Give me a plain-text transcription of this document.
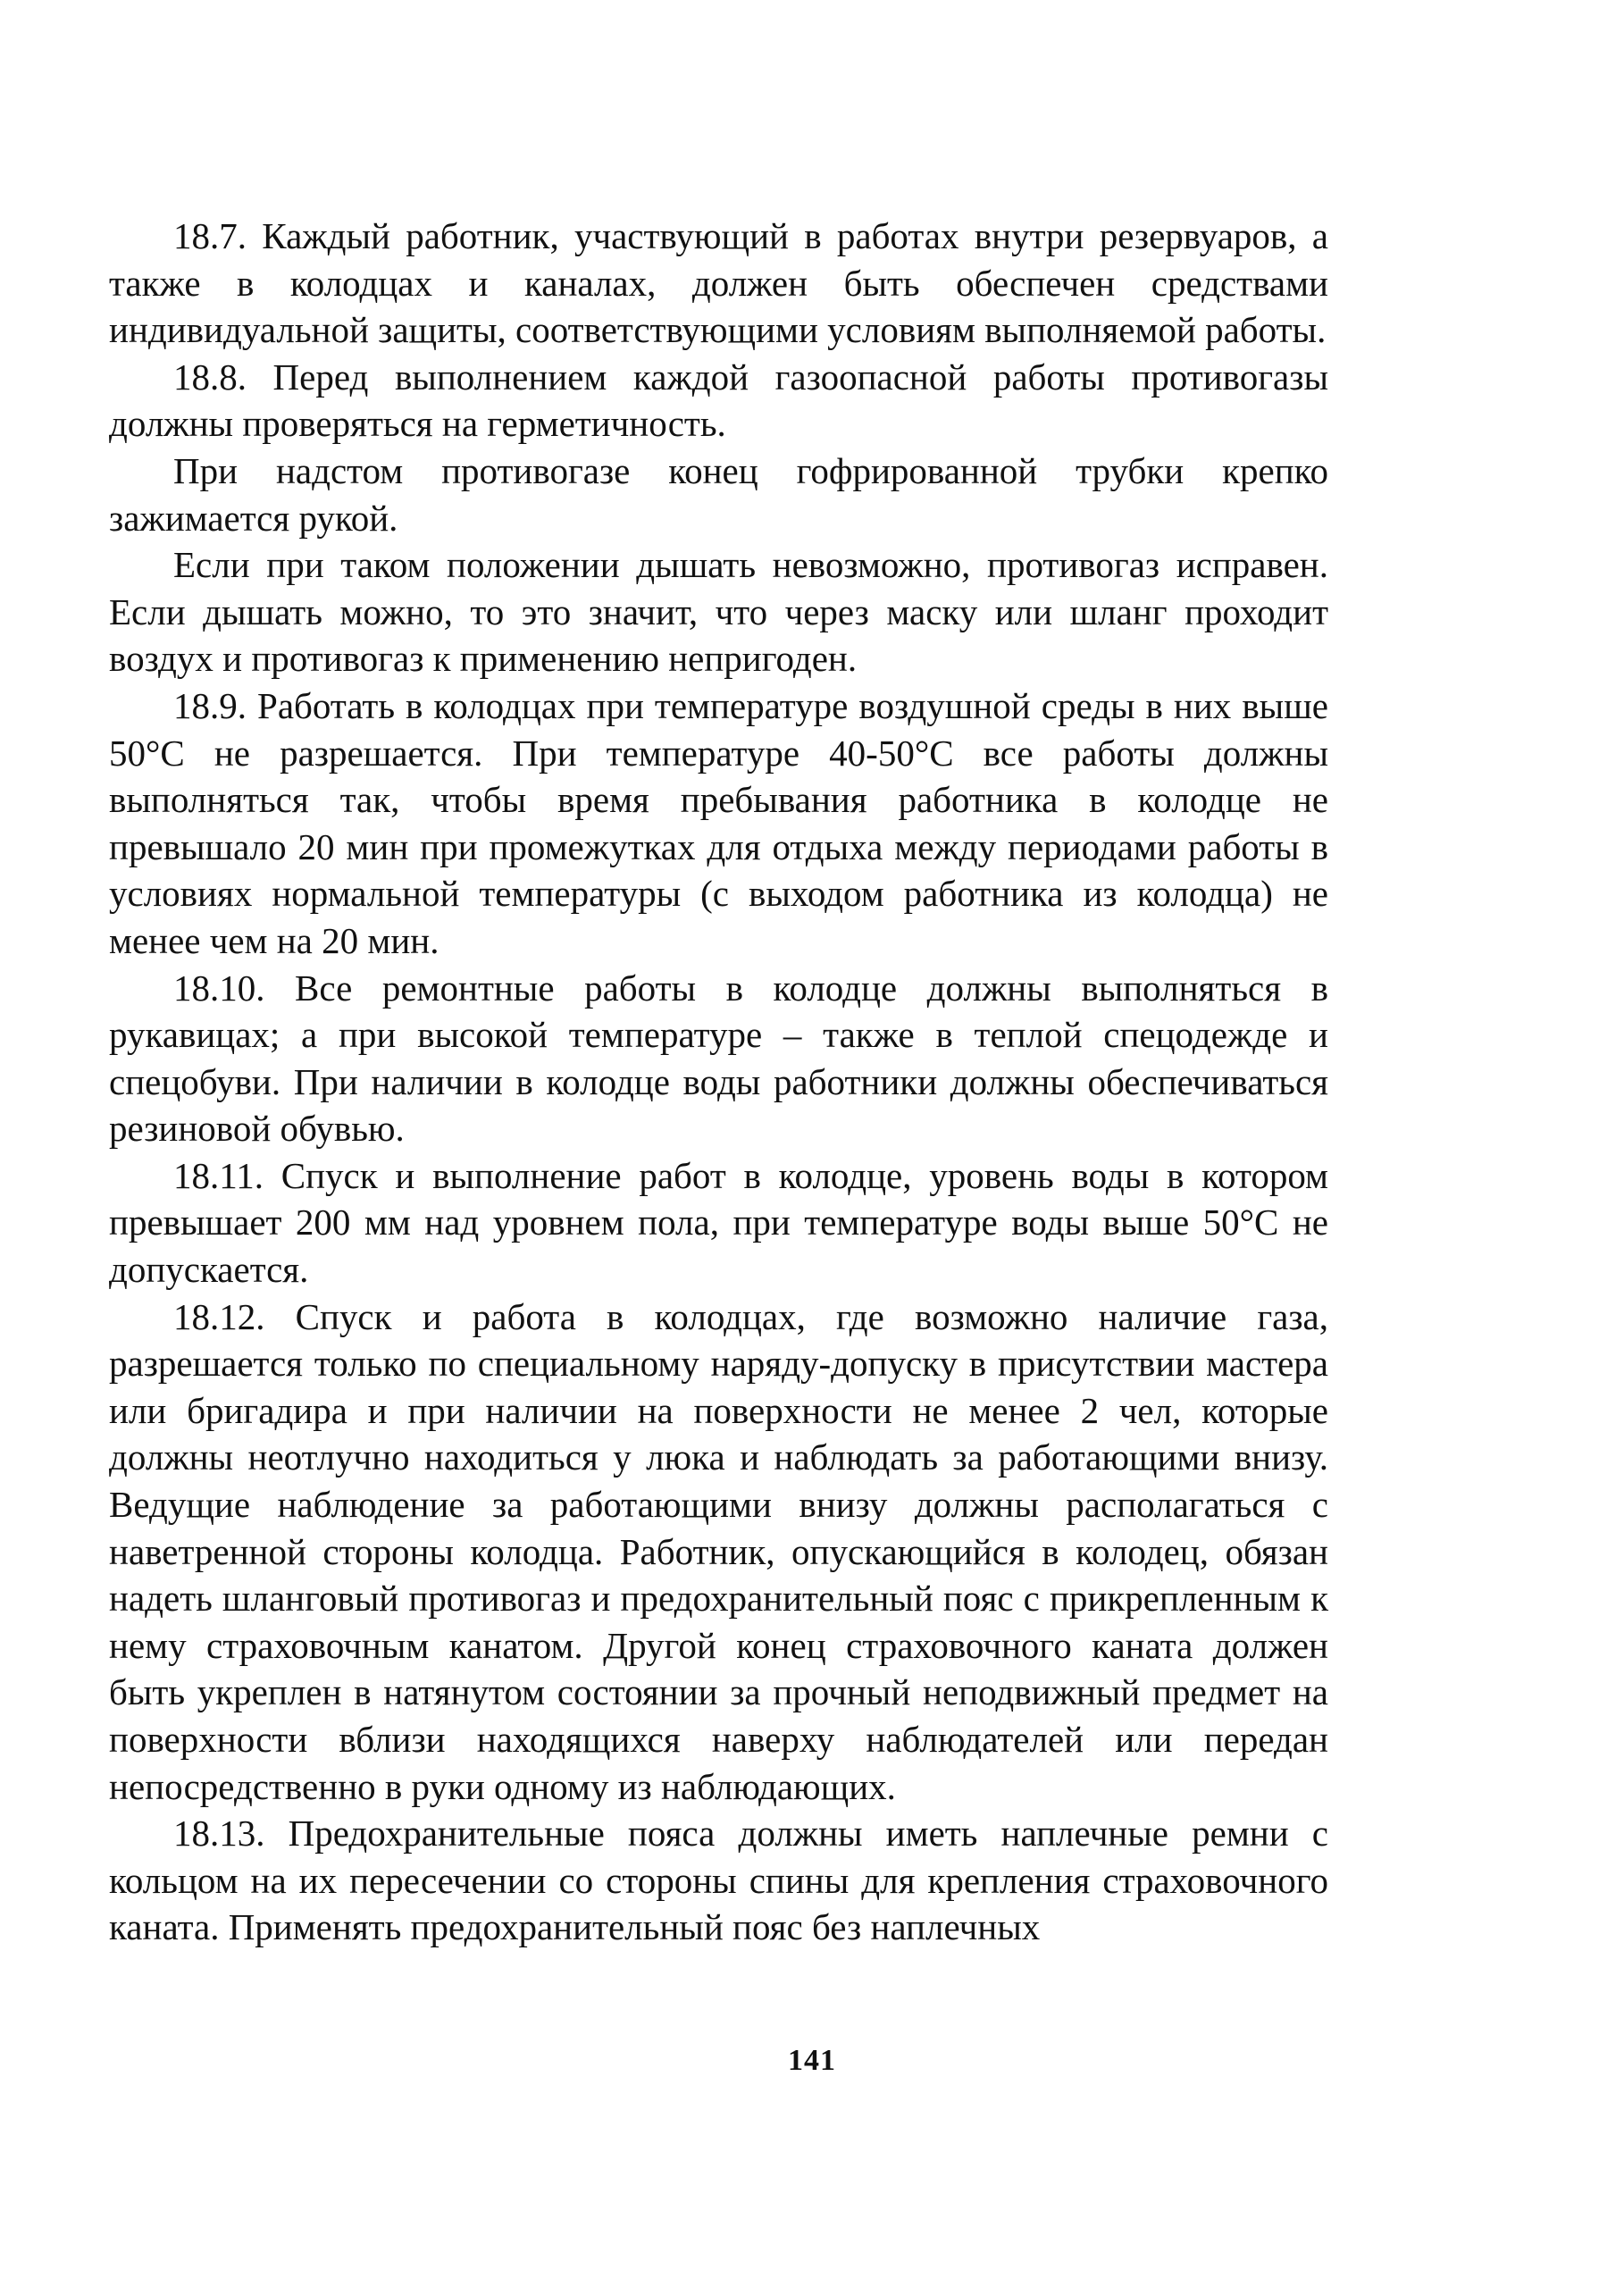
18.7. Каждый работник, участвующий в работах внутри резервуаров, а также в колодцах и каналах, должен быть обеспечен средствами индивидуальной защиты, соответствующими условиям выполняемой работы.

18.8. Перед выполнением каждой газоопасной работы противогазы должны проверяться на герметичность.

При надстом противогазе конец гофрированной трубки крепко зажимается рукой.

Если при таком положении дышать невозможно, противогаз исправен. Если дышать можно, то это значит, что через маску или шланг проходит воздух и противогаз к применению непригоден.

18.9. Работать в колодцах при температуре воздушной среды в них выше 50°С не разрешается. При температуре 40-50°С все работы должны выполняться так, чтобы время пребывания работника в колодце не превышало 20 мин при промежутках для отдыха между периодами работы в условиях нормальной температуры (с выходом работника из колодца) не менее чем на 20 мин.

18.10. Все ремонтные работы в колодце должны выполняться в рукавицах; а при высокой температуре – также в теплой спецодежде и спецобуви. При наличии в колодце воды работники должны обеспечиваться резиновой обувью.

18.11. Спуск и выполнение работ в колодце, уровень воды в котором превышает 200 мм над уровнем пола, при температуре воды выше 50°С не допускается.

18.12. Спуск и работа в колодцах, где возможно наличие газа, разрешается только по специальному наряду-допуску в присутствии мастера или бригадира и при наличии на поверхности не менее 2 чел, которые должны неотлучно находиться у люка и наблюдать за работающими внизу. Ведущие наблюдение за работающими внизу должны располагаться с наветренной стороны колодца. Работник, опускающийся в колодец, обязан надеть шланговый противогаз и предохранительный пояс с прикрепленным к нему страховочным канатом. Другой конец страховочного каната должен быть укреплен в натянутом состоянии за прочный неподвижный предмет на поверхности вблизи находящихся наверху наблюдателей или передан непосредственно в руки одному из наблюдающих.

18.13. Предохранительные пояса должны иметь наплечные ремни с кольцом на их пересечении со стороны спины для крепления страховочного каната. Применять предохранительный пояс без наплечных

141
